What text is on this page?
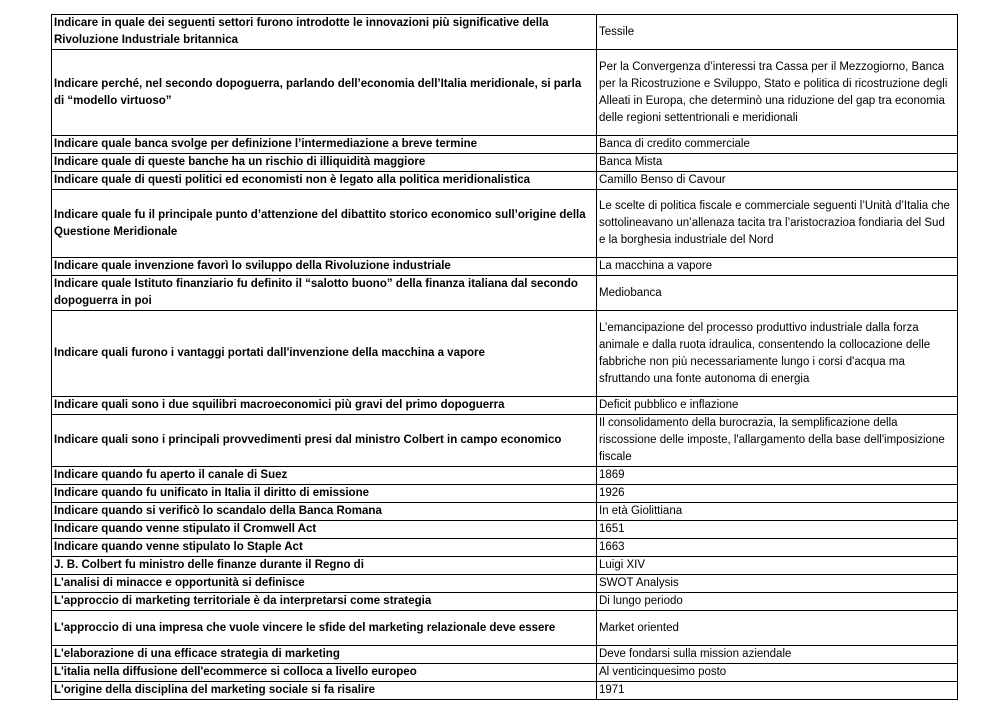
Indicare in quale dei seguenti settori furono introdotte le innovazioni più significative della Rivoluzione Industriale britannica	Tessile
Indicare perché, nel secondo dopoguerra, parlando dell’economia dell’Italia meridionale, si parla di “modello virtuoso”	Per la Convergenza d’interessi tra Cassa per il Mezzogiorno, Banca per la Ricostruzione e Sviluppo, Stato e politica di ricostruzione degli Alleati in Europa, che determinò una riduzione del gap tra economia delle regioni settentrionali e meridionali
Indicare quale banca svolge per definizione l’intermediazione a breve termine	Banca di credito commerciale
Indicare quale di queste banche ha un rischio di illiquidità maggiore	Banca Mista
Indicare quale di questi politici ed economisti non è legato alla politica meridionalistica	Camillo Benso di Cavour
Indicare quale fu il principale punto d’attenzione del dibattito storico economico sull’origine della Questione Meridionale	Le scelte di politica fiscale e commerciale seguenti l’Unità d’Italia che sottolineavano un’allenaza tacita tra l’aristocrazioa fondiaria del Sud e la borghesia industriale del Nord
Indicare quale invenzione favorì lo sviluppo della Rivoluzione industriale	La macchina a vapore
Indicare quale Istituto finanziario fu definito il “salotto buono” della finanza italiana dal secondo dopoguerra in poi	Mediobanca
Indicare quali furono i vantaggi portati dall'invenzione della macchina a vapore	L’emancipazione del processo produttivo industriale dalla forza animale e dalla ruota idraulica, consentendo la collocazione delle fabbriche non più necessariamente lungo i corsi d'acqua ma sfruttando una fonte autonoma di energia
Indicare quali sono i due squilibri macroeconomici più gravi del primo dopoguerra	Deficit pubblico e inflazione
Indicare quali sono i principali provvedimenti presi dal ministro Colbert in campo economico	Il consolidamento della burocrazia, la semplificazione della riscossione delle imposte, l'allargamento della base dell'imposizione fiscale
Indicare quando fu aperto il canale di Suez	1869
Indicare quando fu unificato in Italia il diritto di emissione	1926
Indicare quando si verificò lo scandalo della Banca Romana	In età Giolittiana
Indicare quando venne stipulato il Cromwell Act	1651
Indicare quando venne stipulato lo Staple Act	1663
J. B. Colbert fu ministro delle finanze durante il Regno di	Luigi XIV
L'analisi di minacce e opportunità si definisce	SWOT Analysis
L'approccio di marketing territoriale è da interpretarsi come strategia	Di lungo periodo
L'approccio di una impresa che vuole vincere le sfide del marketing relazionale deve essere	Market oriented
L'elaborazione di una efficace strategia di marketing	Deve fondarsi sulla mission aziendale
L'italia nella diffusione dell'ecommerce si colloca a livello europeo	Al venticinquesimo posto
L'origine della disciplina del marketing sociale si fa risalire	1971
